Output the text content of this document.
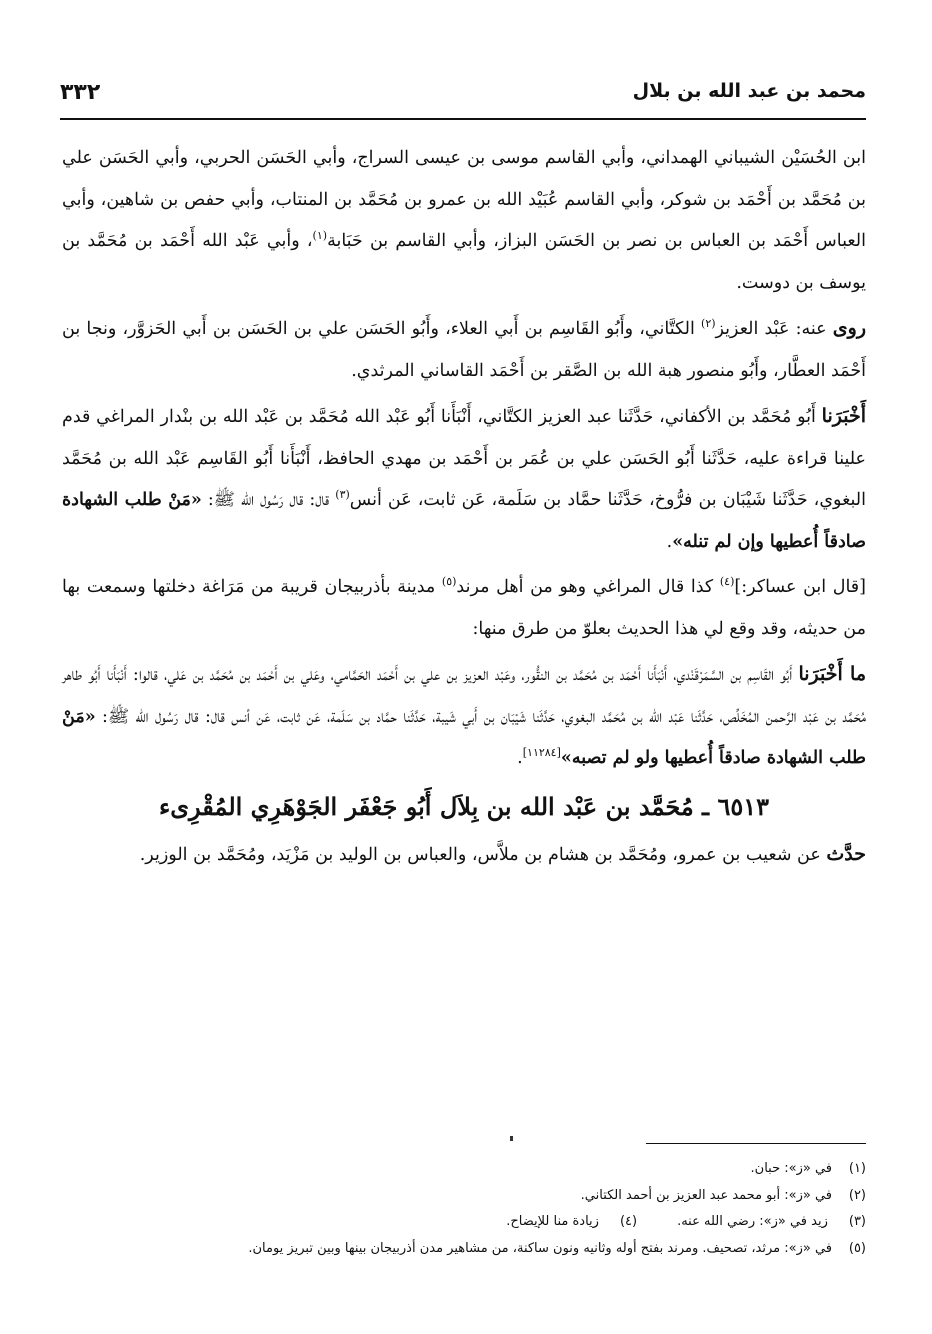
محمد بن عبد الله بن بلال
٣٣٢

ابن الحُسَيْن الشيباني الهمداني، وأبي القاسم موسى بن عيسى السراج، وأبي الحَسَن الحربي، وأبي الحَسَن علي بن مُحَمَّد بن أَحْمَد بن شوكر، وأبي القاسم عُبَيْد الله بن عمرو بن مُحَمَّد بن المنتاب، وأبي حفص بن شاهين، وأبي العباس أَحْمَد بن العباس بن نصر بن الحَسَن البزاز، وأبي القاسم بن حَبَابة$^{(١)}$، وأبي عَبْد الله أَحْمَد بن مُحَمَّد بن يوسف بن دوست.

روى عنه: عَبْد العزيز$^{(٢)}$ الكتَّاني، وأَبُو القَاسِم بن أَبي العلاء، وأَبُو الحَسَن علي بن الحَسَن بن أَبي الحَزوَّر، ونجا بن أَحْمَد العطَّار، وأَبُو منصور هبة الله بن الصَّقر بن أَحْمَد القاساني المرثدي.

أَخْبَرَنا أَبُو مُحَمَّد بن الأكفاني، حَدَّثَنا عبد العزيز الكتَّاني، أَنْبَأَنا أَبُو عَبْد الله مُحَمَّد بن عَبْد الله بن بنْدار المراغي قدم علينا قراءة عليه، حَدَّثَنا أَبُو الحَسَن علي بن عُمَر بن أَحْمَد بن مهدي الحافظ، أَنْبَأَنا أَبُو القَاسِم عَبْد الله بن مُحَمَّد البغوي، حَدَّثَنا شَيْبَان بن فرُّوخ، حَدَّثَنا حمَّاد بن سَلَمة، عَن ثابت، عَن أنس$^{(٣)}$ قال: قال رَسُول الله ﷺ: «مَنْ طلب الشهادة صادقاً أُعطيها وإن لم تنله».

[قال ابن عساكر:]$^{(٤)}$ كذا قال المراغي وهو من أهل مرند$^{(٥)}$ مدينة بأذربيجان قريبة من مَرَاغة دخلتها وسمعت بها من حديثه، وقد وقع لي هذا الحديث بعلوّ من طرق منها:

ما أَخْبَرَنا أَبُو القَاسِم بن السَّمَرْقَنْدي، أَنْبَأَنا أَحْمَد بن مُحَمَّد بن النقُّور، وعَبْد العزيز بن علي بن أَحْمَد الحَمَّامي، وعَلي بن أَحْمَد بن مُحَمَّد بن عَلي، قالوا: أَنْبَأَنا أَبُو طاهر مُحَمَّد بن عَبْد الرَّحمن المُخَلِّص، حَدَّثَنا عَبْد الله بن مُحَمَّد البغوي، حَدَّثَنا شَيْبَان بن أَبي شَيبة، حَدَّثَنا حمَّاد بن سَلَمة، عَن ثابت، عَن أنس قال: قال رَسُول الله ﷺ: «مَنْ طلب الشهادة صادقاً أُعطيها ولو لم تصبه»[١١٢٨٤].

٦٥١٣ ـ مُحَمَّد بن عَبْد الله بن بِلاَل أَبُو جَعْفَر الجَوْهَرِي المُقْرِىء

حدَّث عن شعيب بن عمرو، ومُحَمَّد بن هشام بن ملاَّس، والعباس بن الوليد بن مَزْيَد، ومُحَمَّد بن الوزير.

(١)
في «ز»: حبان.
(٢)
في «ز»: أبو محمد عبد العزيز بن أحمد الكتاني.
(٣) زيد في «ز»: رضي الله عنه.
(٤) زيادة منا للإيضاح.
(٥)
في «ز»: مرثد، تصحيف. ومرند بفتح أوله وثانيه ونون ساكنة، من مشاهير مدن أذربيجان بينها وبين تبريز يومان.
